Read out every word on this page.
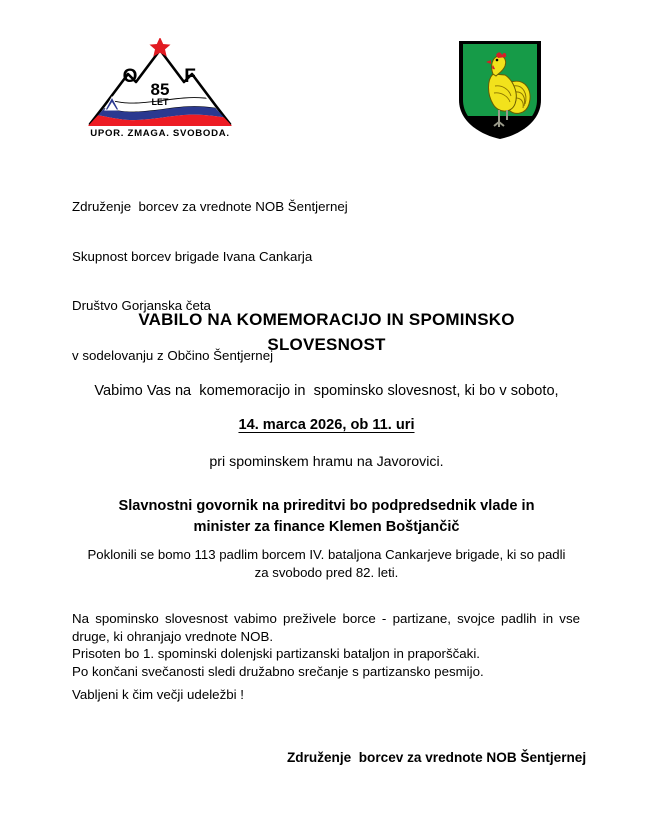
O F
85
LET
UPOR. ZMAGA. SVOBODA.

Združenje  borcev za vrednote NOB Šentjernej

Skupnost borcev brigade Ivana Cankarja

Društvo Gorjanska četa

v sodelovanju z Občino Šentjernej

VABILO NA KOMEMORACIJO IN SPOMINSKO
SLOVESNOST
Vabimo Vas na  komemoracijo in  spominsko slovesnost, ki bo v soboto,
14. marca 2026, ob 11. uri
pri spominskem hramu na Javorovici.
Slavnostni govornik na prireditvi bo podpredsednik vlade in
minister za finance Klemen Boštjančič
Poklonili se bomo 113 padlim borcem IV. bataljona Cankarjeve brigade, ki so padli
za svobodo pred 82. leti.

Na spominsko slovesnost vabimo preživele borce - partizane, svojce padlih in vse druge, ki ohranjajo vrednote NOB.

Prisoten bo 1. spominski dolenjski partizanski bataljon in praporščaki.
Po končani svečanosti sledi družabno srečanje s partizansko pesmijo.
Vabljeni k čim večji udeležbi !
Združenje  borcev za vrednote NOB Šentjernej
